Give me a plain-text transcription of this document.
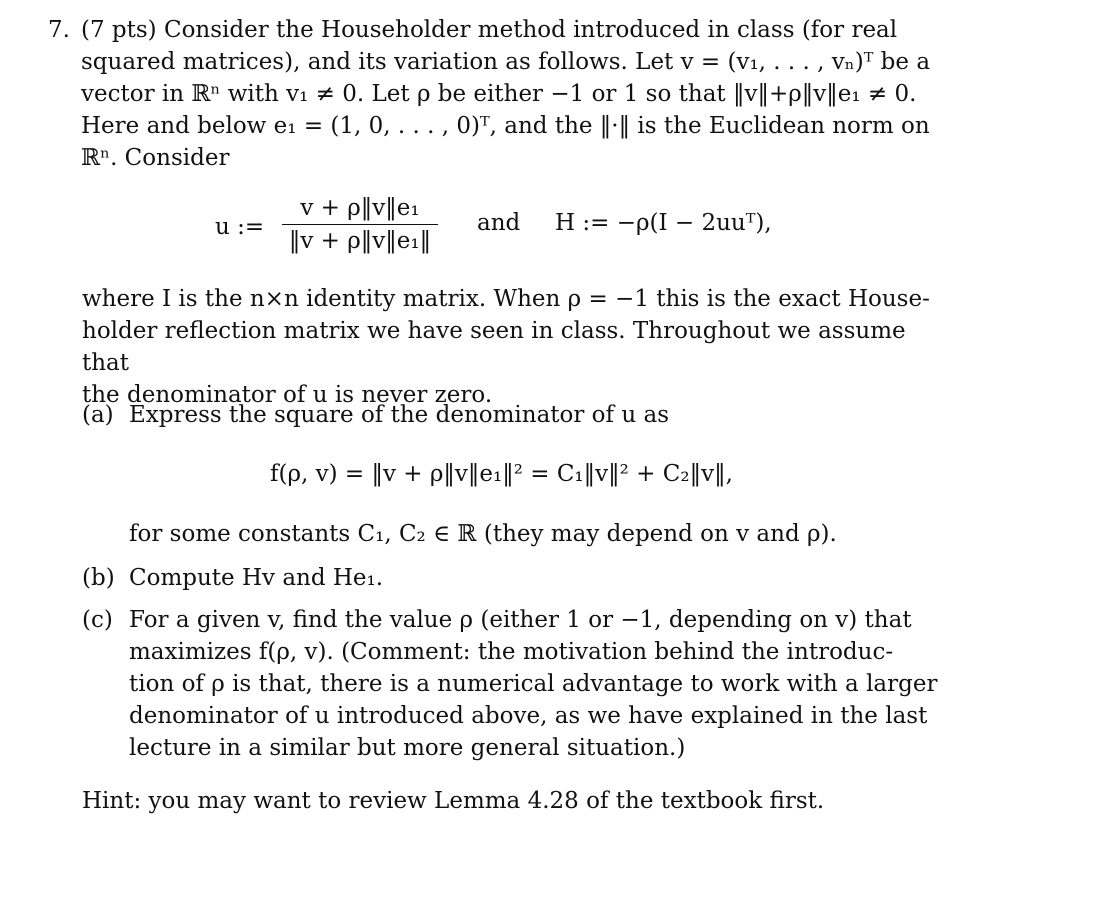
7. (7 pts) Consider the Householder method introduced in class (for real
squared matrices), and its variation as follows. Let v = (v₁, . . . , vₙ)ᵀ be a
vector in ℝⁿ with v₁ ≠ 0. Let ρ be either −1 or 1 so that ‖v‖+ρ‖v‖e₁ ≠ 0.
Here and below e₁ = (1, 0, . . . , 0)ᵀ, and the ‖·‖ is the Euclidean norm on
ℝⁿ. Consider
u :=
v + ρ‖v‖e₁
‖v + ρ‖v‖e₁‖
and H := −ρ(I − 2uuᵀ),
where I is the n×n identity matrix. When ρ = −1 this is the exact House-
holder reflection matrix we have seen in class. Throughout we assume that
the denominator of u is never zero.
(a) Express the square of the denominator of u as
f(ρ, v) = ‖v + ρ‖v‖e₁‖² = C₁‖v‖² + C₂‖v‖,
for some constants C₁, C₂ ∈ ℝ (they may depend on v and ρ).
(b) Compute Hv and He₁.
(c) For a given v, find the value ρ (either 1 or −1, depending on v) that
maximizes f(ρ, v). (Comment: the motivation behind the introduc-
tion of ρ is that, there is a numerical advantage to work with a larger
denominator of u introduced above, as we have explained in the last
lecture in a similar but more general situation.)
Hint: you may want to review Lemma 4.28 of the textbook first.
